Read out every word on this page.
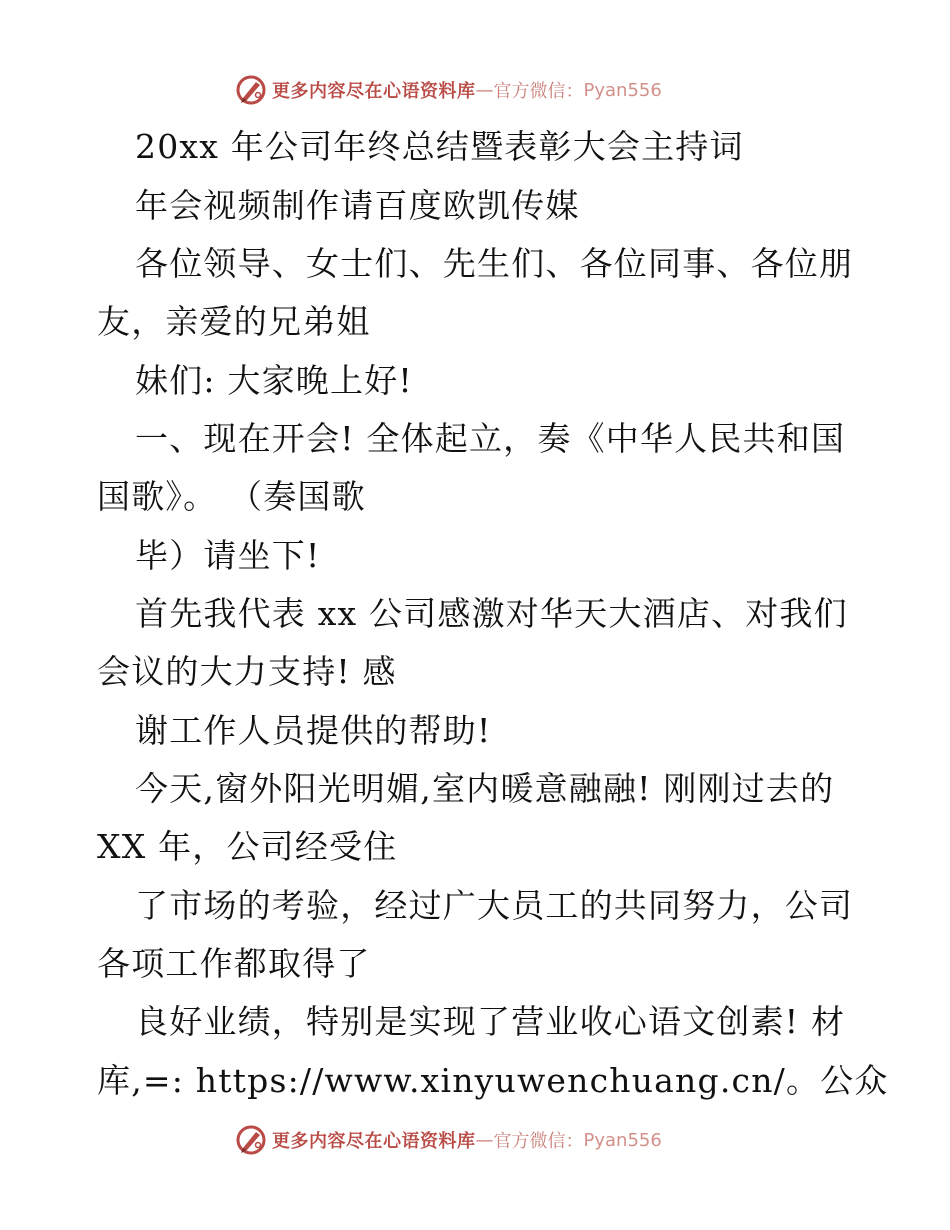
更多内容尽在心语资料库 — 官方微信： Pyan556
20xx 年公司年终总结暨表彰大会主持词
年会视频制作请百度欧凯传媒
各位领导、女士们、先生们、各位同事、各位朋
友，亲爱的兄弟姐
妹们: 大家晚上好!
一、现在开会! 全体起立，奏《中华人民共和国
国歌》。 （奏国歌
毕）请坐下!
首先我代表 xx 公司感激对华天大酒店、对我们
会议的大力支持! 感
谢工作人员提供的帮助!
今天,窗外阳光明媚,室内暖意融融! 刚刚过去的
XX 年，公司经受住
了市场的考验，经过广大员工的共同努力，公司
各项工作都取得了
良好业绩，特别是实现了营业收心语文创素! 材
库,=: https://www.xinyuwenchuang.cn/。公众
更多内容尽在心语资料库 — 官方微信： Pyan556
